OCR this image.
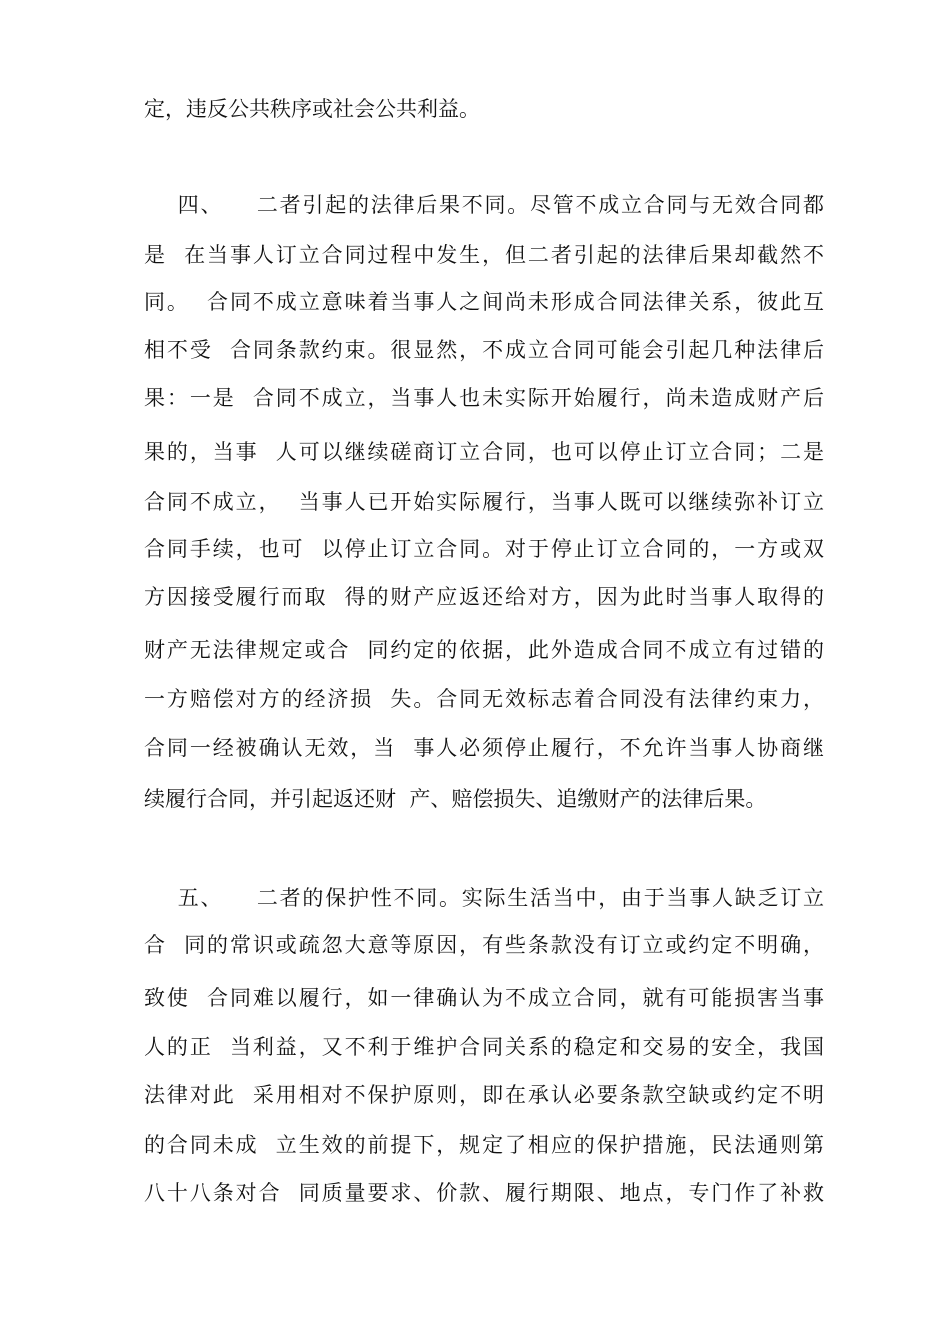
定，违反公共秩序或社会公共利益。
四、    二者引起的法律后果不同。尽管不成立合同与无效合同都
是  在当事人订立合同过程中发生，但二者引起的法律后果却截然不
同。  合同不成立意味着当事人之间尚未形成合同法律关系，彼此互
相不受  合同条款约束。很显然，不成立合同可能会引起几种法律后
果：一是  合同不成立，当事人也未实际开始履行，尚未造成财产后
果的，当事  人可以继续磋商订立合同，也可以停止订立合同；二是
合同不成立，  当事人已开始实际履行，当事人既可以继续弥补订立
合同手续，也可  以停止订立合同。对于停止订立合同的，一方或双
方因接受履行而取  得的财产应返还给对方，因为此时当事人取得的
财产无法律规定或合  同约定的依据，此外造成合同不成立有过错的
一方赔偿对方的经济损  失。合同无效标志着合同没有法律约束力，
合同一经被确认无效，当  事人必须停止履行，不允许当事人协商继
续履行合同，并引起返还财  产、赔偿损失、追缴财产的法律后果。
五、    二者的保护性不同。实际生活当中，由于当事人缺乏订立
合  同的常识或疏忽大意等原因，有些条款没有订立或约定不明确，
致使  合同难以履行，如一律确认为不成立合同，就有可能损害当事
人的正  当利益，又不利于维护合同关系的稳定和交易的安全，我国
法律对此  采用相对不保护原则，即在承认必要条款空缺或约定不明
的合同未成  立生效的前提下，规定了相应的保护措施，民法通则第
八十八条对合  同质量要求、价款、履行期限、地点，专门作了补救
